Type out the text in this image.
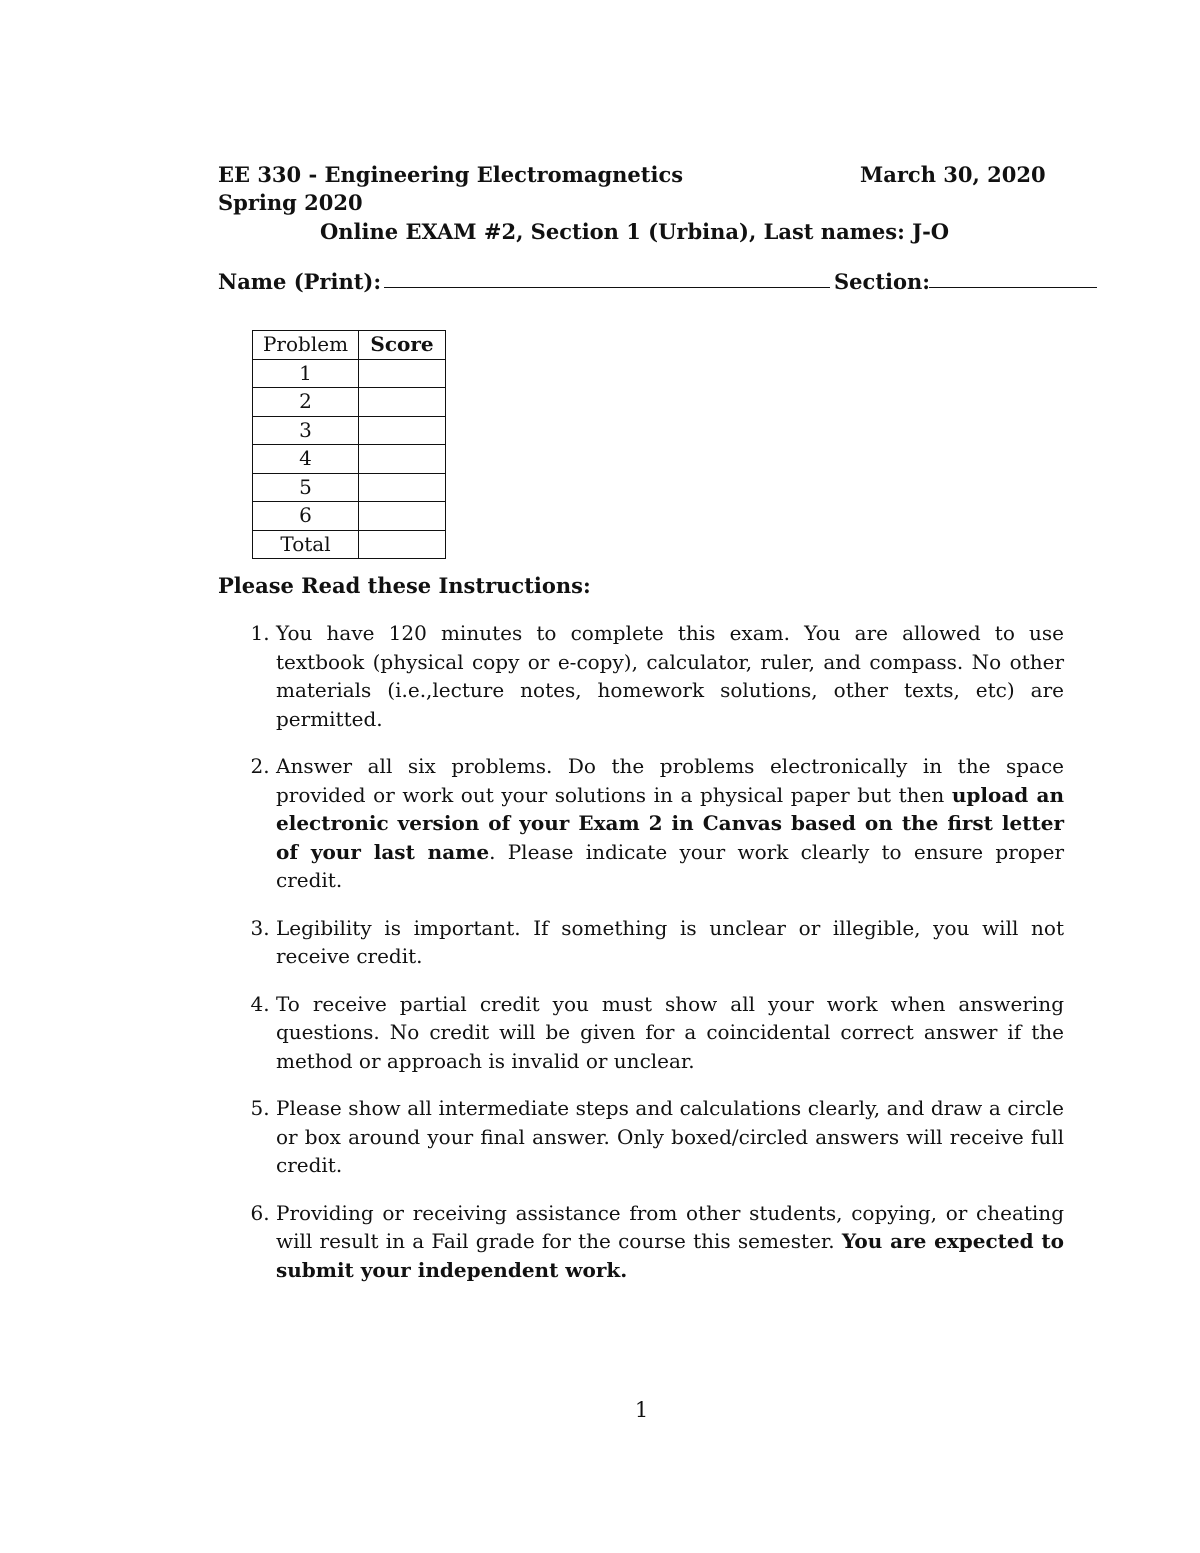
EE 330 - Engineering Electromagnetics	March 30, 2020
Spring 2020
Online EXAM #2, Section 1 (Urbina), Last names: J-O
Name (Print):	Section:
Problem	Score
1	
2	
3	
4	
5	
6	
Total	
Please Read these Instructions:
1. You have 120 minutes to complete this exam. You are allowed to use textbook (physical copy or e-copy), calculator, ruler, and compass. No other materials (i.e.,lecture notes, homework solutions, other texts, etc) are permitted.
2. Answer all six problems. Do the problems electronically in the space provided or work out your solutions in a physical paper but then upload an electronic version of your Exam 2 in Canvas based on the first letter of your last name. Please indicate your work clearly to ensure proper credit.
3. Legibility is important. If something is unclear or illegible, you will not receive credit.
4. To receive partial credit you must show all your work when answering questions. No credit will be given for a coincidental correct answer if the method or approach is invalid or unclear.
5. Please show all intermediate steps and calculations clearly, and draw a circle or box around your final answer. Only boxed/circled answers will receive full credit.
6. Providing or receiving assistance from other students, copying, or cheating will result in a Fail grade for the course this semester. You are expected to submit your independent work.
1
